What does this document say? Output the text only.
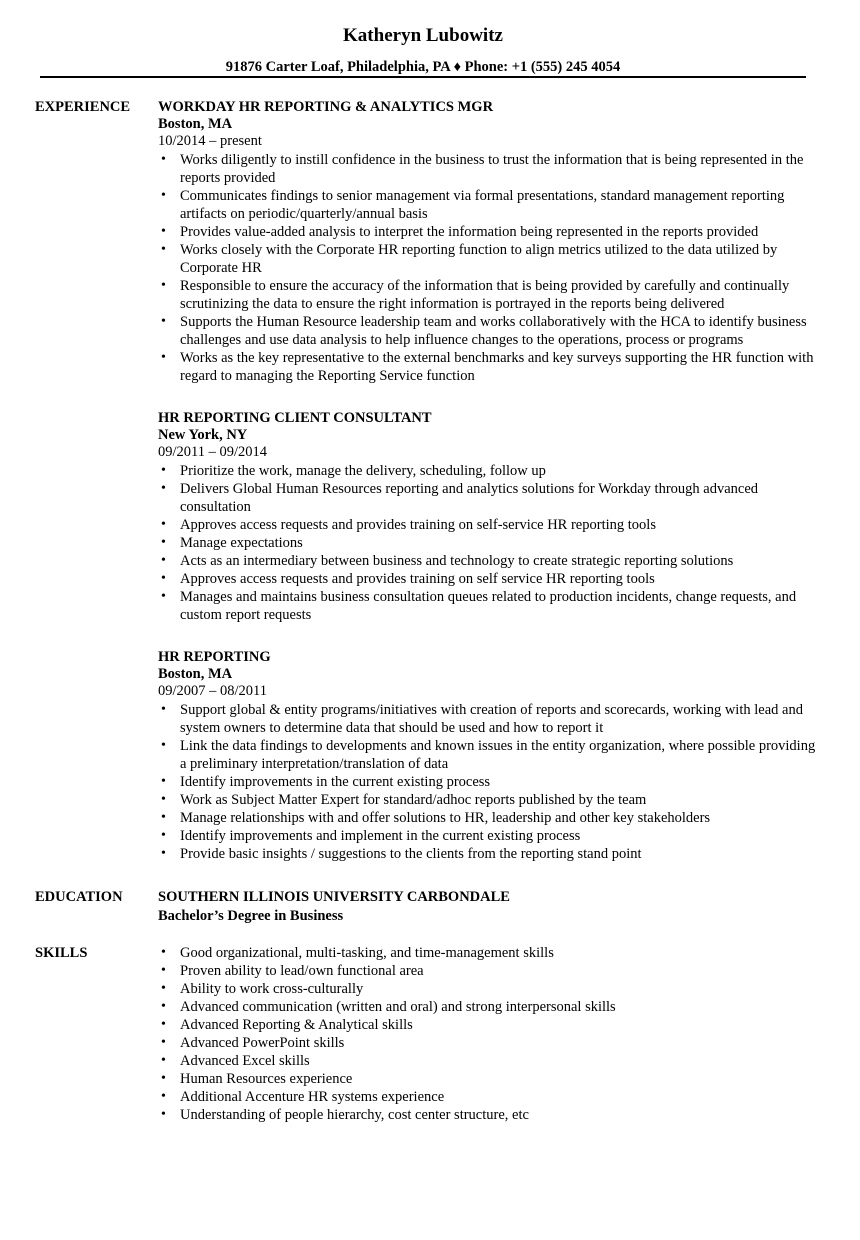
Katheryn Lubowitz
91876 Carter Loaf, Philadelphia, PA ♦ Phone: +1 (555) 245 4054
EXPERIENCE	WORKDAY HR REPORTING & ANALYTICS MGR
Boston, MA
10/2014 – present
• Works diligently to instill confidence in the business to trust the information that is being represented in the reports provided
• Communicates findings to senior management via formal presentations, standard management reporting artifacts on periodic/quarterly/annual basis
• Provides value-added analysis to interpret the information being represented in the reports provided
• Works closely with the Corporate HR reporting function to align metrics utilized to the data utilized by Corporate HR
• Responsible to ensure the accuracy of the information that is being provided by carefully and continually scrutinizing the data to ensure the right information is portrayed in the reports being delivered
• Supports the Human Resource leadership team and works collaboratively with the HCA to identify business challenges and use data analysis to help influence changes to the operations, process or programs
• Works as the key representative to the external benchmarks and key surveys supporting the HR function with regard to managing the Reporting Service function
HR REPORTING CLIENT CONSULTANT
New York, NY
09/2011 – 09/2014
• Prioritize the work, manage the delivery, scheduling, follow up
• Delivers Global Human Resources reporting and analytics solutions for Workday through advanced consultation
• Approves access requests and provides training on self-service HR reporting tools
• Manage expectations
• Acts as an intermediary between business and technology to create strategic reporting solutions
• Approves access requests and provides training on self service HR reporting tools
• Manages and maintains business consultation queues related to production incidents, change requests, and custom report requests
HR REPORTING
Boston, MA
09/2007 – 08/2011
• Support global & entity programs/initiatives with creation of reports and scorecards, working with lead and system owners to determine data that should be used and how to report it
• Link the data findings to developments and known issues in the entity organization, where possible providing a preliminary interpretation/translation of data
• Identify improvements in the current existing process
• Work as Subject Matter Expert for standard/adhoc reports published by the team
• Manage relationships with and offer solutions to HR, leadership and other key stakeholders
• Identify improvements and implement in the current existing process
• Provide basic insights / suggestions to the clients from the reporting stand point
EDUCATION	SOUTHERN ILLINOIS UNIVERSITY CARBONDALE
Bachelor’s Degree in Business
SKILLS
•	Good organizational, multi-tasking, and time-management skills
• Proven ability to lead/own functional area
• Ability to work cross-culturally
• Advanced communication (written and oral) and strong interpersonal skills
• Advanced Reporting & Analytical skills
• Advanced PowerPoint skills
• Advanced Excel skills
• Human Resources experience
• Additional Accenture HR systems experience
• Understanding of people hierarchy, cost center structure, etc
